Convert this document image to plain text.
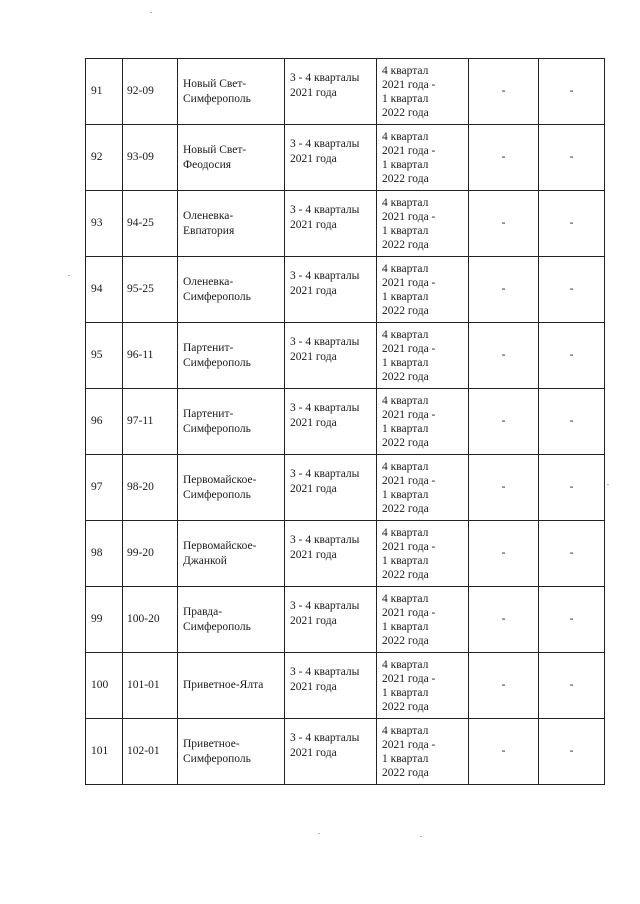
91	92-09	Новый Свет-
Симферополь	3 - 4 кварталы
2021 года	4 квартал
2021 года -
1 квартал
2022 года	-	-
92	93-09	Новый Свет-
Феодосия	3 - 4 кварталы
2021 года	4 квартал
2021 года -
1 квартал
2022 года	-	-
93	94-25	Оленевка-
Евпатория	3 - 4 кварталы
2021 года	4 квартал
2021 года -
1 квартал
2022 года	-	-
94	95-25	Оленевка-
Симферополь	3 - 4 кварталы
2021 года	4 квартал
2021 года -
1 квартал
2022 года	-	-
95	96-11	Партенит-
Симферополь	3 - 4 кварталы
2021 года	4 квартал
2021 года -
1 квартал
2022 года	-	-
96	97-11	Партенит-
Симферополь	3 - 4 кварталы
2021 года	4 квартал
2021 года -
1 квартал
2022 года	-	-
97	98-20	Первомайское-
Симферополь	3 - 4 кварталы
2021 года	4 квартал
2021 года -
1 квартал
2022 года	-	-
98	99-20	Первомайское-
Джанкой	3 - 4 кварталы
2021 года	4 квартал
2021 года -
1 квартал
2022 года	-	-
99	100-20	Правда-
Симферополь	3 - 4 кварталы
2021 года	4 квартал
2021 года -
1 квартал
2022 года	-	-
100	101-01	Приветное-Ялта	3 - 4 кварталы
2021 года	4 квартал
2021 года -
1 квартал
2022 года	-	-
101	102-01	Приветное-
Симферополь	3 - 4 кварталы
2021 года	4 квартал
2021 года -
1 квартал
2022 года	-	-
